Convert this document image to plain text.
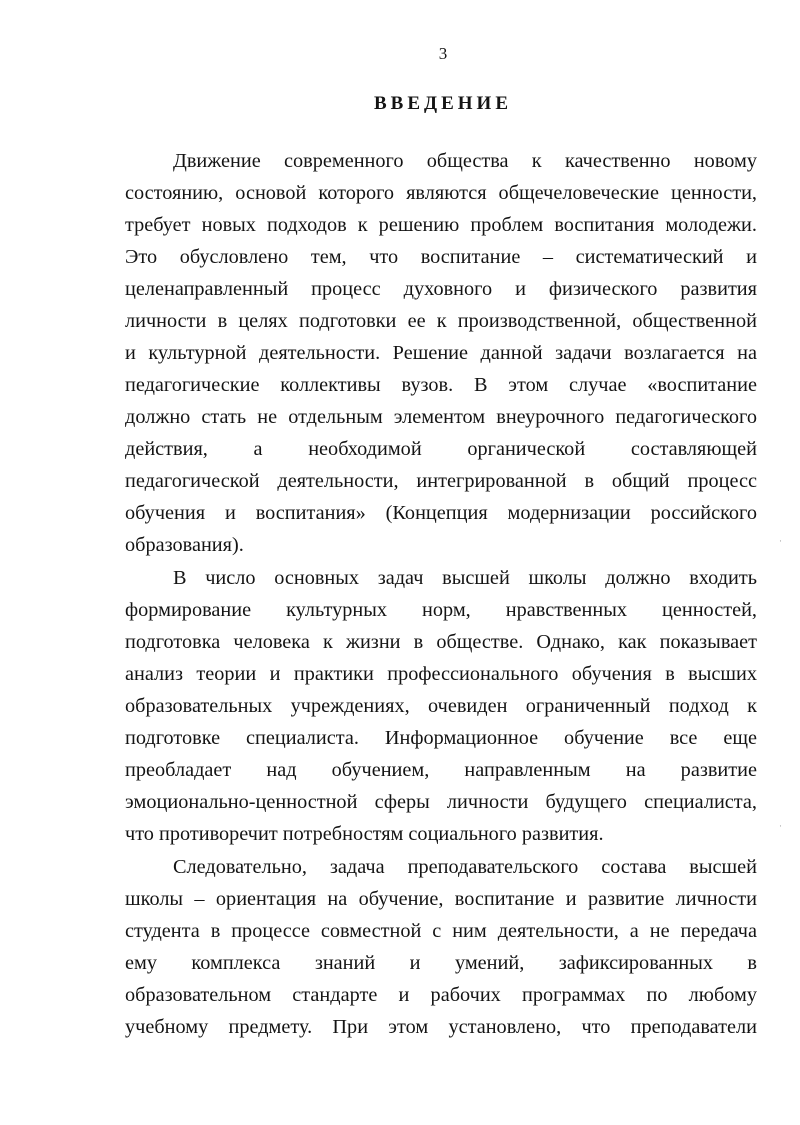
3
ВВЕДЕНИЕ
Движение современного общества к качественно новому
состоянию, основой которого являются общечеловеческие ценности,
требует новых подходов к решению проблем воспитания молодежи.
Это обусловлено тем, что воспитание – систематический и
целенаправленный процесс духовного и физического развития
личности в целях подготовки ее к производственной, общественной
и культурной деятельности. Решение данной задачи возлагается на
педагогические коллективы вузов. В этом случае «воспитание
должно стать не отдельным элементом внеурочного педагогического
действия, а необходимой органической составляющей
педагогической деятельности, интегрированной в общий процесс
обучения и воспитания» (Концепция модернизации российского
образования).
В число основных задач высшей школы должно входить
формирование культурных норм, нравственных ценностей,
подготовка человека к жизни в обществе. Однако, как показывает
анализ теории и практики профессионального обучения в высших
образовательных учреждениях, очевиден ограниченный подход к
подготовке специалиста. Информационное обучение все еще
преобладает над обучением, направленным на развитие
эмоционально-ценностной сферы личности будущего специалиста,
что противоречит потребностям социального развития.
Следовательно, задача преподавательского состава высшей
школы – ориентация на обучение, воспитание и развитие личности
студента в процессе совместной с ним деятельности, а не передача
ему комплекса знаний и умений, зафиксированных в
образовательном стандарте и рабочих программах по любому
учебному предмету. При этом установлено, что преподаватели
·
·
